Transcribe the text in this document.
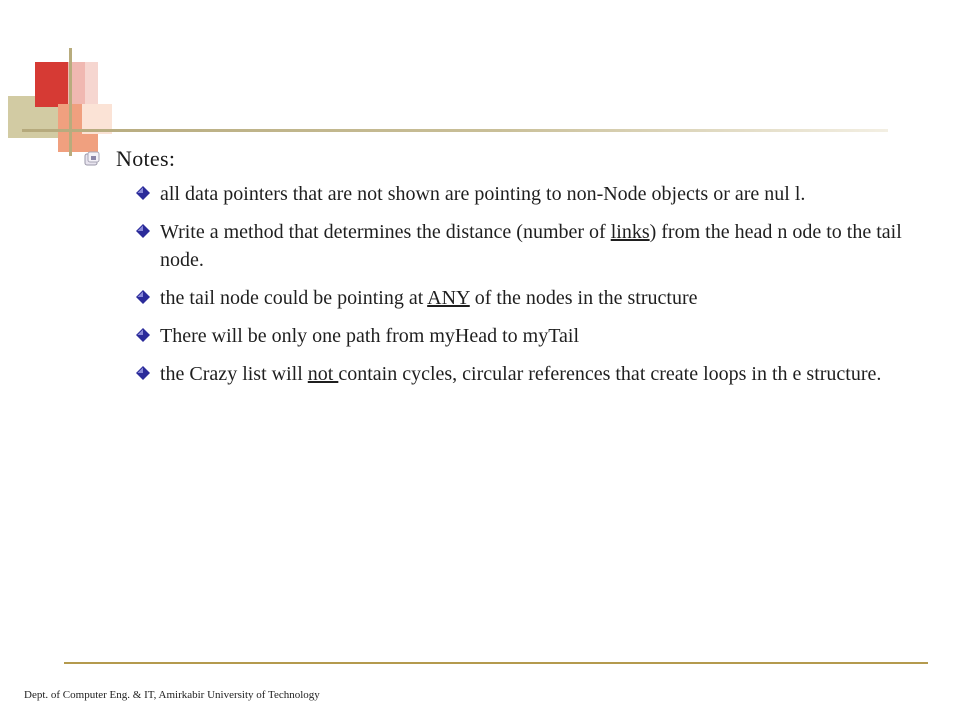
Notes:
all data pointers that are not shown are pointing to non-Node objects or are nul l.
Write a method that determines the distance (number of links) from the head n ode to the tail node.
the tail node could be pointing at ANY of the nodes in the structure
There will be only one path from myHead to myTail
the Crazy list will not contain cycles, circular references that create loops in th e structure.
Dept. of Computer Eng. & IT, Amirkabir University of Technology
